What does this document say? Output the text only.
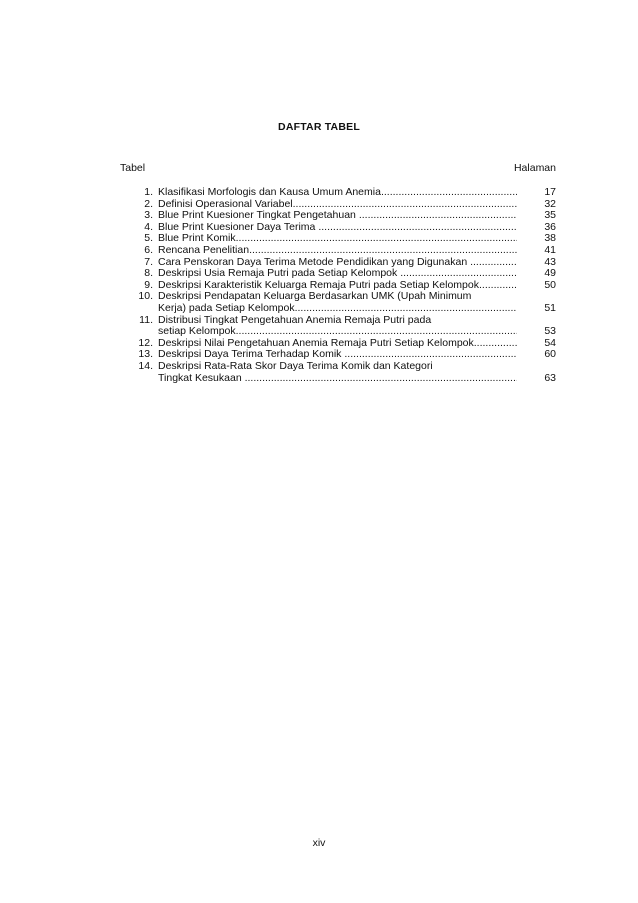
DAFTAR TABEL
Tabel	Halaman
1. Klasifikasi Morfologis dan Kausa Umum Anemia .....	17
2. Definisi Operasional Variabel .....	32
3. Blue Print Kuesioner Tingkat Pengetahuan .....	35
4. Blue Print Kuesioner Daya Terima .....	36
5. Blue Print Komik .....	38
6. Rencana Penelitian .....	41
7. Cara Penskoran Daya Terima Metode Pendidikan yang Digunakan . .....	43
8. Deskripsi Usia Remaja Putri pada Setiap Kelompok .....	49
9. Deskripsi Karakteristik Keluarga Remaja Putri pada Setiap Kelompok .....	50
10. Deskripsi Pendapatan Keluarga Berdasarkan UMK (Upah Minimum
Kerja) pada Setiap Kelompok .....	51
11. Distribusi Tingkat Pengetahuan Anemia Remaja Putri pada
setiap Kelompok .....	53
12. Deskripsi Nilai Pengetahuan Anemia Remaja Putri Setiap Kelompok .....	54
13. Deskripsi Daya Terima Terhadap Komik .....	60
14. Deskripsi Rata-Rata Skor Daya Terima Komik dan Kategori
Tingkat Kesukaan .....	63
xiv
